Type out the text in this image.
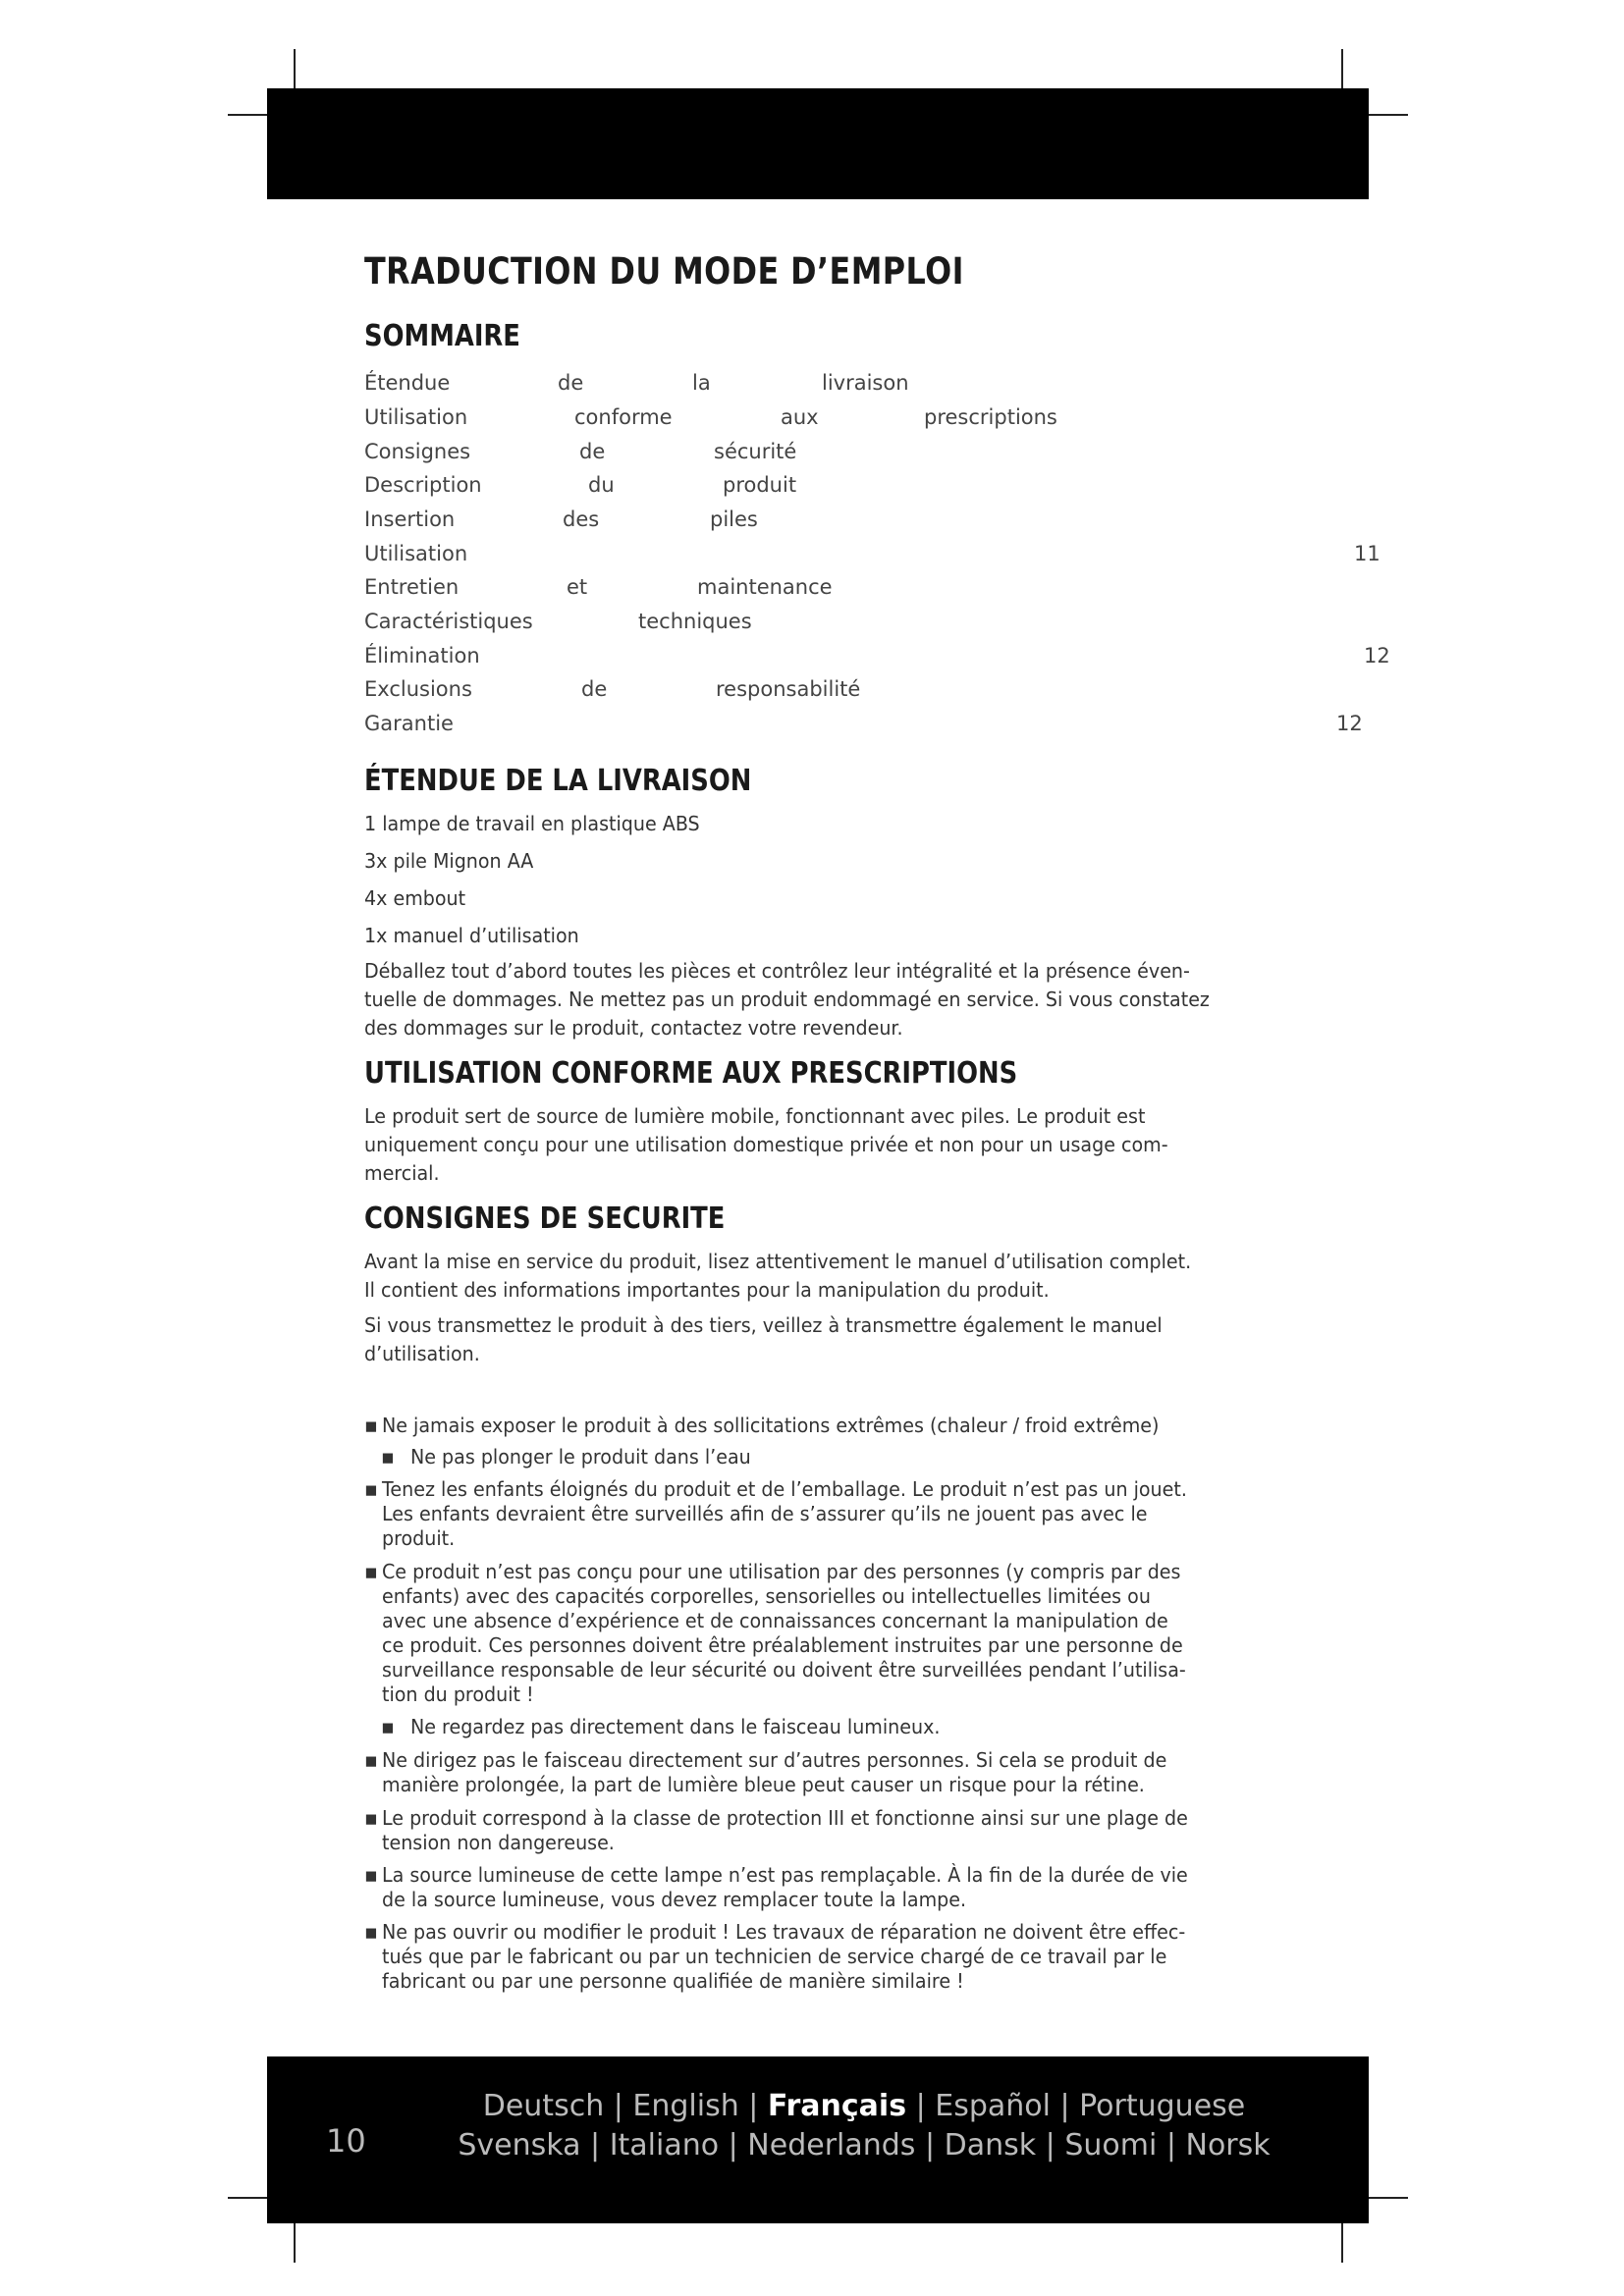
TRADUCTION DU MODE D’EMPLOI
SOMMAIRE
Étendue	de	la	livraison
Utilisation	conforme	aux	prescriptions
Consignes	de	sécurité
Description	du	produit
Insertion	des	piles
Utilisation	11
Entretien	et	maintenance
Caractéristiques	techniques
Élimination	12
Exclusions	de	responsabilité
Garantie	12
ÉTENDUE DE LA LIVRAISON
1 lampe de travail en plastique ABS
3x pile Mignon AA
4x embout
1x manuel d’utilisation
Déballez tout d’abord toutes les pièces et contrôlez leur intégralité et la présence éven-
tuelle de dommages. Ne mettez pas un produit endommagé en service. Si vous constatez
des dommages sur le produit, contactez votre revendeur.
UTILISATION CONFORME AUX PRESCRIPTIONS
Le produit sert de source de lumière mobile, fonctionnant avec piles. Le produit est
uniquement conçu pour une utilisation domestique privée et non pour un usage com-
mercial.
CONSIGNES DE SECURITE
Avant la mise en service du produit, lisez attentivement le manuel d’utilisation complet.
Il contient des informations importantes pour la manipulation du produit.
Si vous transmettez le produit à des tiers, veillez à transmettre également le manuel
d’utilisation.
▪ Ne jamais exposer le produit à des sollicitations extrêmes (chaleur / froid extrême)
▪ Ne pas plonger le produit dans l’eau
▪ Tenez les enfants éloignés du produit et de l’emballage. Le produit n’est pas un jouet.
Les enfants devraient être surveillés afin de s’assurer qu’ils ne jouent pas avec le
produit.
▪ Ce produit n’est pas conçu pour une utilisation par des personnes (y compris par des
enfants) avec des capacités corporelles, sensorielles ou intellectuelles limitées ou
avec une absence d’expérience et de connaissances concernant la manipulation de
ce produit. Ces personnes doivent être préalablement instruites par une personne de
surveillance responsable de leur sécurité ou doivent être surveillées pendant l’utilisa-
tion du produit !
▪ Ne regardez pas directement dans le faisceau lumineux.
▪ Ne dirigez pas le faisceau directement sur d’autres personnes. Si cela se produit de
manière prolongée, la part de lumière bleue peut causer un risque pour la rétine.
▪ Le produit correspond à la classe de protection III et fonctionne ainsi sur une plage de
tension non dangereuse.
▪ La source lumineuse de cette lampe n’est pas remplaçable. À la fin de la durée de vie
de la source lumineuse, vous devez remplacer toute la lampe.
▪ Ne pas ouvrir ou modifier le produit ! Les travaux de réparation ne doivent être effec-
tués que par le fabricant ou par un technicien de service chargé de ce travail par le
fabricant ou par une personne qualifiée de manière similaire !
10
Deutsch | English | Français | Español | Portuguese
Svenska | Italiano | Nederlands | Dansk | Suomi | Norsk
